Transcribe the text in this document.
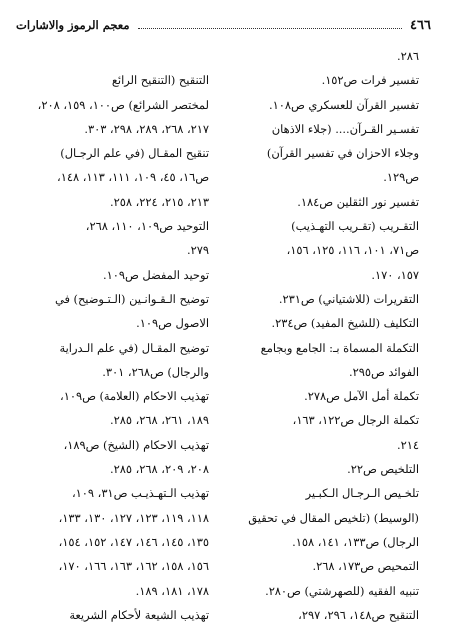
٤٦٦
معجم الرموز والاشارات
٢٨٦.
تفسير فرات ص١٥٢.
تفسير القرآن للعسكري ص١٠٨.
تفسـير القـرآن.... (جلاء الاذهان
وجلاء الاحزان في تفسير القرآن)
ص١٢٩.
تفسير نور الثقلين ص١٨٤.
التقـريب (تقـريب التهـذيب)
ص٧١، ١٠١، ١١٦، ١٢٥، ١٥٦،
١٥٧، ١٧٠.
التقريرات (للاشتياني) ص٢٣١.
التكليف (للشيخ المفيد) ص٢٣٤.
التكملة المسماة بـ: الجامع وبجامع
الفوائد ص٢٩٥.
تكملة أمل الآمل ص٢٧٨.
تكملة الرجال ص١٢٢، ١٦٣،
٢١٤.
التلخيص ص٢٢.
تلخـيص الـرجـال الـكبـير
(الوسيط) (تلخيص المقال في تحقيق
الرجال) ص١٣٣، ١٤١، ١٥٨.
التمحيص ص١٧٣، ٢٦٨.
تنبيه الفقيه (للصهرشتي) ص٢٨٠.
التنقيح ص١٤٨، ٢٩٦، ٢٩٧،
التنقيح (التنقيح الرائع
لمختصر الشرائع) ص١٠٠، ١٥٩، ٢٠٨،
٢١٧، ٢٦٨، ٢٨٩، ٢٩٨، ٣٠٣.
تنقيح المقـال (في علم الرجـال)
ص١٦، ٤٥، ١٠٩، ١١١، ١١٣، ١٤٨،
٢١٣، ٢١٥، ٢٢٤، ٢٥٨.
التوحيد ص١٠٩، ١١٠، ٢٦٨،
٢٧٩.
توحيد المفضل ص١٠٩.
توضيح الـقـوانـين (الـتـوضيح) في
الاصول ص١٠٩.
توضيح المقـال (في علم الـدراية
والرجال) ص٢٦٨، ٣٠١.
تهذيب الاحكام (العلامة) ص١٠٩،
١٨٩، ٢٦١، ٢٦٨، ٢٨٥.
تهذيب الاحكام (الشيخ) ص١٨٩،
٢٠٨، ٢٠٩، ٢٦٨، ٢٨٥.
تهذيب الـتهـذيـب ص٣١، ١٠٩،
١١٨، ١١٩، ١٢٣، ١٢٧، ١٣٠، ١٣٣،
١٣٥، ١٤٥، ١٤٦، ١٤٧، ١٥٢، ١٥٤،
١٥٦، ١٥٨، ١٦٢، ١٦٣، ١٦٦، ١٧٠،
١٧٨، ١٨١، ١٨٩.
تهذيب الشيعة لأحكام الشريعة
